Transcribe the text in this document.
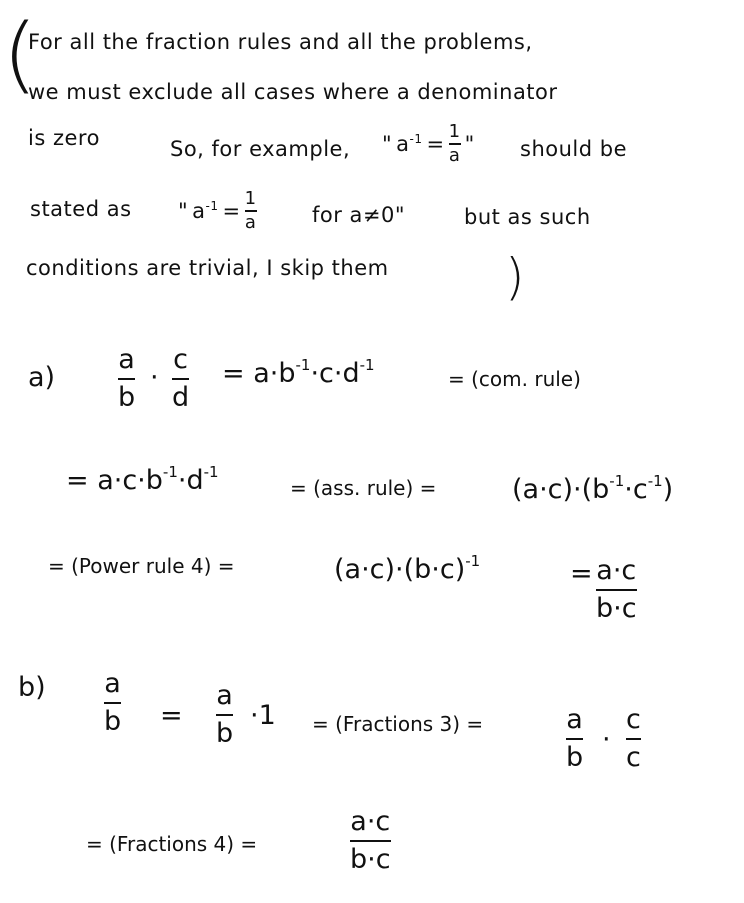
(
)
For all the fraction rules and all the problems,
we must exclude all cases where a denominator
is zero	So, for example, " $a^{-1} = \frac{1}{a}$ " should be
stated as " $a^{-1} = \frac{1}{a}$	for a≠0"	but as such
conditions are trivial, I skip them
a)
a
b
·
c
d
= $a\cdot b^{-1}\cdot c\cdot d^{-1}$
= (com. rule)
= $a\cdot c\cdot b^{-1}\cdot d^{-1}$
= (ass. rule) =	$(a\cdot c)\cdot(b^{-1}\cdot c^{-1})$
= (Power rule 4) =	$(a\cdot c)\cdot(b\cdot c)^{-1}$	= a·c
b·c
b) a
b =
a
b
·1 = (Fractions 3) =	a
b
·
c
c
= (Fractions 4) =
a·c
b·c
